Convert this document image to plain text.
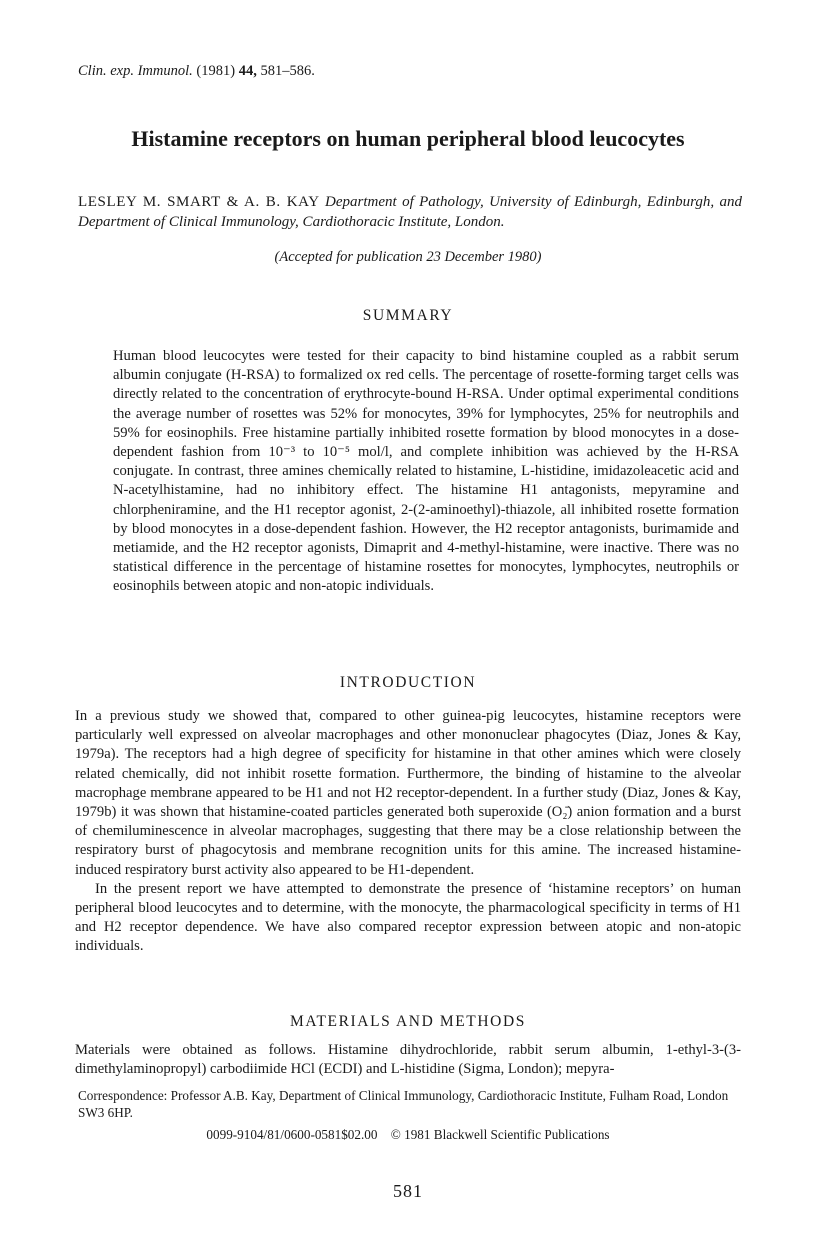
Clin. exp. Immunol. (1981) 44, 581–586.
Histamine receptors on human peripheral blood leucocytes
LESLEY M. SMART & A. B. KAY Department of Pathology, University of Edinburgh, Edinburgh, and Department of Clinical Immunology, Cardiothoracic Institute, London.
(Accepted for publication 23 December 1980)
SUMMARY
Human blood leucocytes were tested for their capacity to bind histamine coupled as a rabbit serum albumin conjugate (H-RSA) to formalized ox red cells. The percentage of rosette-forming target cells was directly related to the concentration of erythrocyte-bound H-RSA. Under optimal experimental conditions the average number of rosettes was 52% for monocytes, 39% for lymphocytes, 25% for neutrophils and 59% for eosinophils. Free histamine partially inhibited rosette formation by blood monocytes in a dose-dependent fashion from 10⁻³ to 10⁻⁵ mol/l, and complete inhibition was achieved by the H-RSA conjugate. In contrast, three amines chemically related to histamine, L-histidine, imidazoleacetic acid and N-acetylhistamine, had no inhibitory effect. The histamine H1 antagonists, mepyramine and chlorpheniramine, and the H1 receptor agonist, 2-(2-aminoethyl)-thiazole, all inhibited rosette formation by blood monocytes in a dose-dependent fashion. However, the H2 receptor antagonists, burimamide and metiamide, and the H2 receptor agonists, Dimaprit and 4-methyl-histamine, were inactive. There was no statistical difference in the percentage of histamine rosettes for monocytes, lymphocytes, neutrophils or eosinophils between atopic and non-atopic individuals.
INTRODUCTION

In a previous study we showed that, compared to other guinea-pig leucocytes, histamine receptors were particularly well expressed on alveolar macrophages and other mononuclear phagocytes (Diaz, Jones & Kay, 1979a). The receptors had a high degree of specificity for histamine in that other amines which were closely related chemically, did not inhibit rosette formation. Furthermore, the binding of histamine to the alveolar macrophage membrane appeared to be H1 and not H2 receptor-dependent. In a further study (Diaz, Jones & Kay, 1979b) it was shown that histamine-coated particles generated both superoxide (O₂̄) anion formation and a burst of chemiluminescence in alveolar macrophages, suggesting that there may be a close relationship between the respiratory burst of phagocytosis and membrane recognition units for this amine. The increased histamine-induced respiratory burst activity also appeared to be H1-dependent.

In the present report we have attempted to demonstrate the presence of ‘histamine receptors’ on human peripheral blood leucocytes and to determine, with the monocyte, the pharmacological specificity in terms of H1 and H2 receptor dependence. We have also compared receptor expression between atopic and non-atopic individuals.

MATERIALS AND METHODS
Materials were obtained as follows. Histamine dihydrochloride, rabbit serum albumin, 1-ethyl-3-(3-dimethylaminopropyl) carbodiimide HCl (ECDI) and L-histidine (Sigma, London); mepyra-
Correspondence: Professor A.B. Kay, Department of Clinical Immunology, Cardiothoracic Institute, Fulham Road, London SW3 6HP.
0099-9104/81/0600-0581$02.00 © 1981 Blackwell Scientific Publications
581
